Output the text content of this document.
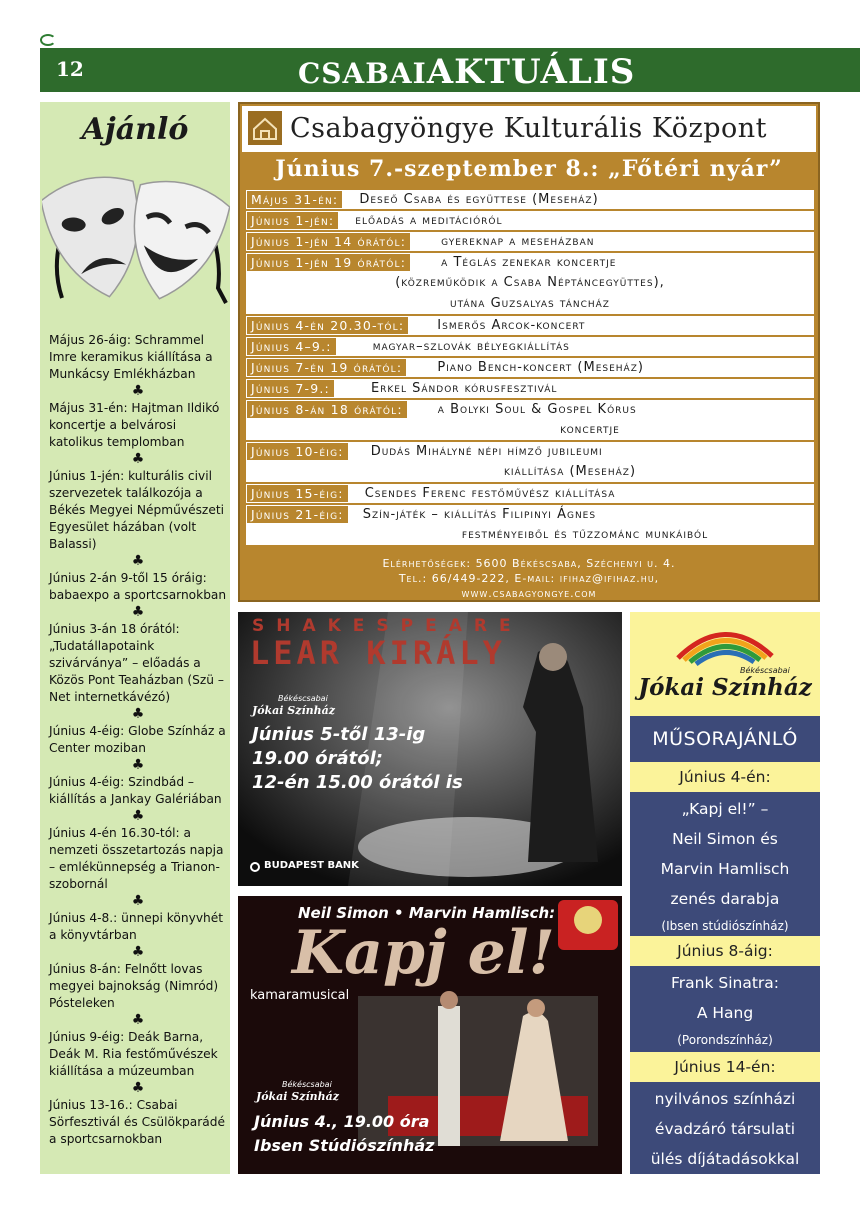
12	CSABAIAKTUÁLIS
Ajánló
Május 26-áig: Schrammel Imre keramikus kiállítása a Munkácsy Emlékházban
♣
Május 31-én: Hajtman Ildikó koncertje a belvárosi katolikus templomban
♣
Június 1-jén: kulturális civil szervezetek találkozója a Békés Megyei Népművészeti Egyesület házában (volt Balassi)
♣
Június 2-án 9-től 15 óráig: babaexpo a sportcsarnokban
♣
Június 3-án 18 órától: „Tudatállapotaink szivárványa” – előadás a Közös Pont Teaházban (Szü – Net internetkávézó)
♣
Június 4-éig: Globe Színház a Center moziban
♣
Június 4-éig: Szindbád – kiállítás a Jankay Galériában
♣
Június 4-én 16.30-tól: a nemzeti összetartozás napja – emlékünnepség a Trianon-szobornál
♣
Június 4-8.: ünnepi könyvhét a könyvtárban
♣
Június 8-án: Felnőtt lovas megyei bajnokság (Nimród) Pósteleken
♣
Június 9-éig: Deák Barna, Deák M. Ria festőművészek kiállítása a múzeumban
♣
Június 13-16.: Csabai Sörfesztivál és Csülökparádé a sportcsarnokban
Csabagyöngye Kulturális Központ
Június 7.-szeptember 8.: „Főtéri nyár”
Május 31-én:	Deseő Csaba és együttese (Meseház)
Június 1-jén:	előadás a meditációról
Június 1-jén 14 órától:	gyereknap a meseházban
Június 1-jén 19 órától:	a Téglás zenekar koncertje
(közreműködik a Csaba Néptáncegyüttes),
utána Guzsalyas táncház
Június 4-én 20.30-tól:	Ismerős Arcok-koncert
Június 4–9.:	magyar–szlovák bélyegkiállítás
Június 7-én 19 órától:	Piano Bench-koncert (Meseház)
Június 7-9.:	Erkel Sándor kórusfesztivál
Június 8-án 18 órától:	a Bolyki Soul & Gospel Kórus
koncertje
Június 10-éig:	Dudás Mihályné népi hímző jubileumi
kiállítása (Meseház)
Június 15-éig:	Csendes Ferenc festőművész kiállítása
Június 21-éig:	Szín-játék – kiállítás Filipinyi Ágnes
festményeiből és tűzzománc munkáiból
Elérhetőségek: 5600 Békéscsaba, Széchenyi u. 4.
Tel.: 66/449-222, E-mail: ifihaz@ifihaz.hu,
www.csabagyongye.com
SHAKESPEARE
LEAR KIRÁLY
Békéscsabai
Jókai Színház
Június 5-től 13-ig
19.00 órától;
12-én 15.00 órától is
BUDAPEST BANK
Neil Simon • Marvin Hamlisch:
Kapj el!
kamaramusical
Békéscsabai
Jókai Színház
Június 4., 19.00 óra
Ibsen Stúdiószínház
Békéscsabai
Jókai Színház
MŰSORAJÁNLÓ
Június 4-én:
„Kapj el!” –
Neil Simon és
Marvin Hamlisch
zenés darabja
(Ibsen stúdiószínház)
Június 8-áig:
Frank Sinatra:
A Hang
(Porondszínház)
Június 14-én:
nyilvános színházi
évadzáró társulati
ülés díjátadásokkal
